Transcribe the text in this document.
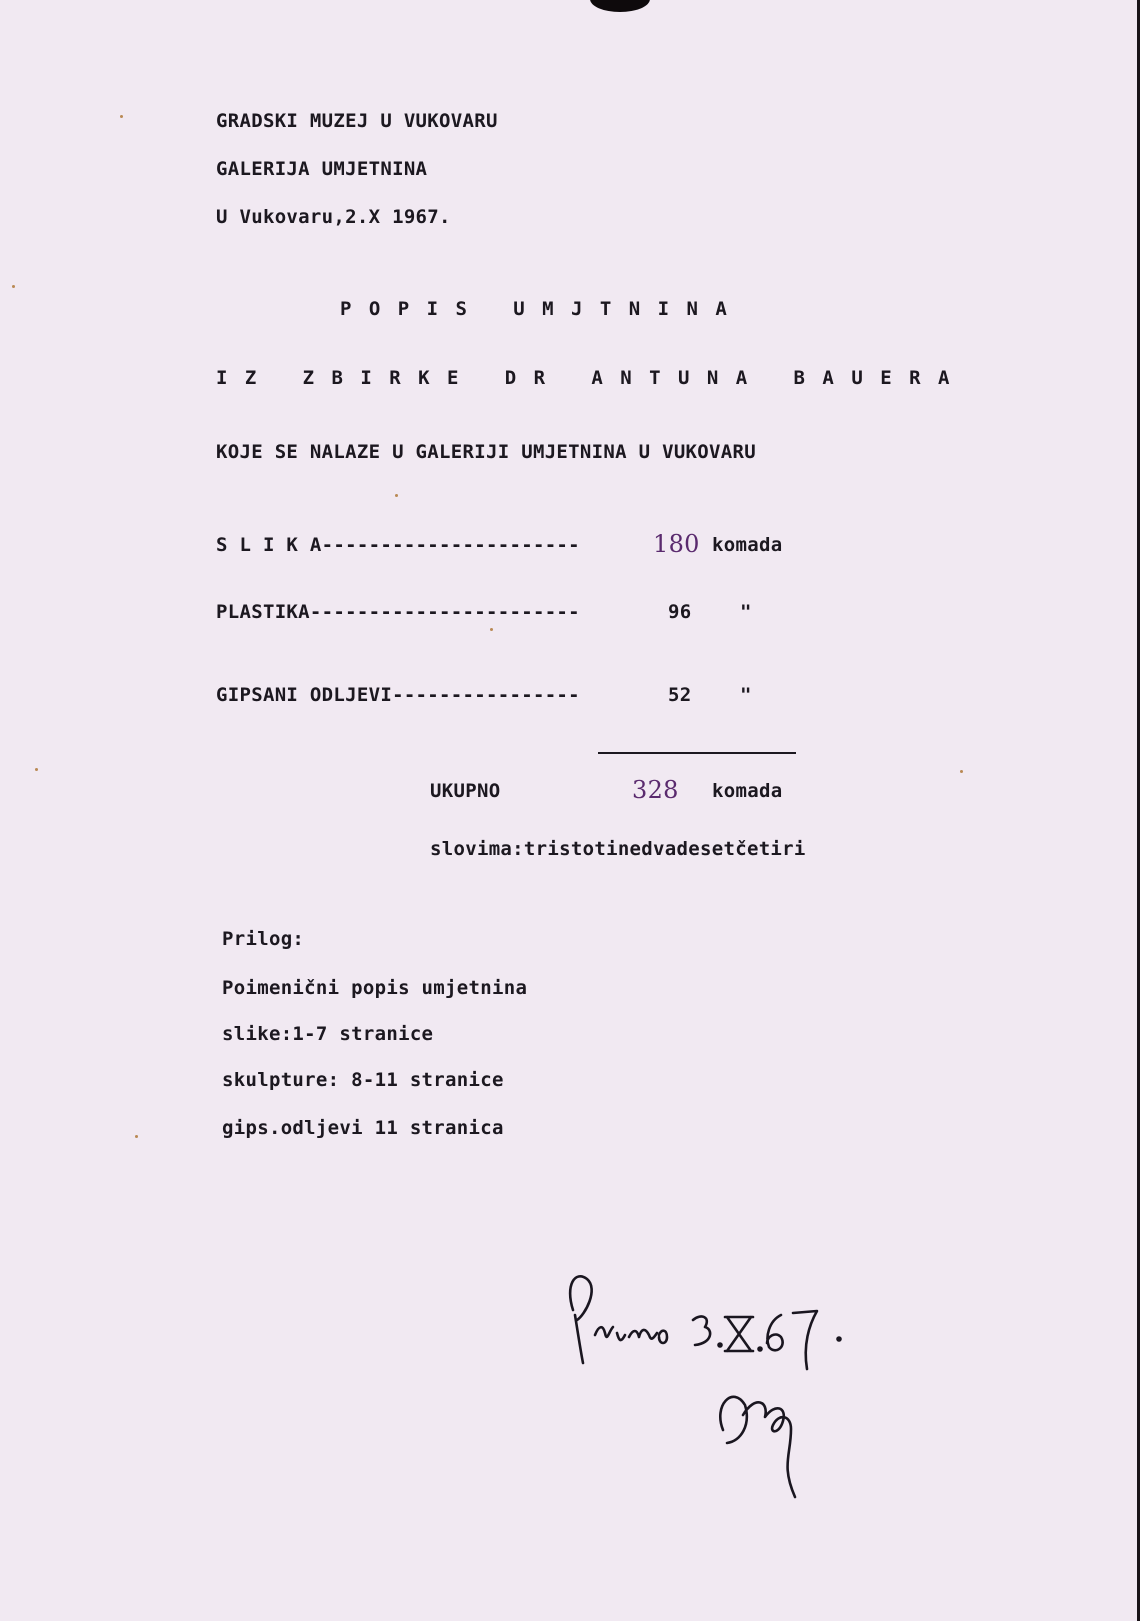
GRADSKI MUZEJ U VUKOVARU
GALERIJA UMJETNINA
U Vukovaru,2.X 1967.
P O P I S   U M J T N I N A
I Z   Z B I R K E   D R   A N T U N A   B A U E R A
KOJE SE NALAZE U GALERIJI UMJETNINA U VUKOVARU
S L I K A----------------------	180 komada
PLASTIKA-----------------------	96	"
GIPSANI ODLJEVI----------------	52	"
UKUPNO	328 komada
slovima:tristotinedvadesetčetiri
Prilog:
Poimenični popis umjetnina
slike:1-7 stranice
skulpture: 8-11 stranice
gips.odljevi 11 stranica
